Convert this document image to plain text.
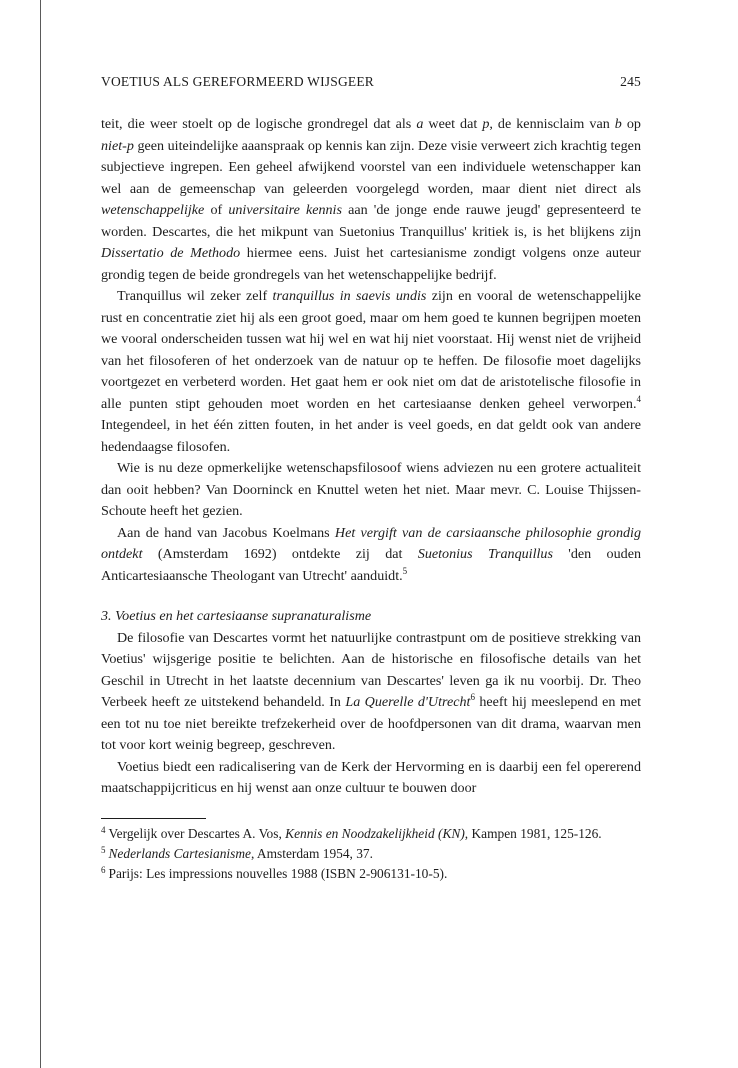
VOETIUS ALS GEREFORMEERD WIJSGEER	245

teit, die weer stoelt op de logische grondregel dat als a weet dat p, de kennisclaim van b op niet-p geen uiteindelijke aaanspraak op kennis kan zijn. Deze visie verweert zich krachtig tegen subjectieve ingrepen. Een geheel afwijkend voorstel van een individuele wetenschapper kan wel aan de gemeenschap van geleerden voorgelegd worden, maar dient niet direct als wetenschappelijke of universitaire kennis aan 'de jonge ende rauwe jeugd' gepresenteerd te worden. Descartes, die het mikpunt van Suetonius Tranquillus' kritiek is, is het blijkens zijn Dissertatio de Methodo hiermee eens. Juist het cartesianisme zondigt volgens onze auteur grondig tegen de beide grondregels van het wetenschappelijke bedrijf.

Tranquillus wil zeker zelf tranquillus in saevis undis zijn en vooral de wetenschappelijke rust en concentratie ziet hij als een groot goed, maar om hem goed te kunnen begrijpen moeten we vooral onderscheiden tussen wat hij wel en wat hij niet voorstaat. Hij wenst niet de vrijheid van het filosoferen of het onderzoek van de natuur op te heffen. De filosofie moet dagelijks voortgezet en verbeterd worden. Het gaat hem er ook niet om dat de aristotelische filosofie in alle punten stipt gehouden moet worden en het cartesiaanse denken geheel verworpen.$^4$ Integendeel, in het één zitten fouten, in het ander is veel goeds, en dat geldt ook van andere hedendaagse filosofen.

Wie is nu deze opmerkelijke wetenschapsfilosoof wiens adviezen nu een grotere actualiteit dan ooit hebben? Van Doorninck en Knuttel weten het niet. Maar mevr. C. Louise Thijssen-Schoute heeft het gezien.

Aan de hand van Jacobus Koelmans Het vergift van de carsiaansche philosophie grondig ontdekt (Amsterdam 1692) ontdekte zij dat Suetonius Tranquillus 'den ouden Anticartesiaansche Theologant van Utrecht' aanduidt.$^5$

3. Voetius en het cartesiaanse supranaturalisme

De filosofie van Descartes vormt het natuurlijke contrastpunt om de positieve strekking van Voetius' wijsgerige positie te belichten. Aan de historische en filosofische details van het Geschil in Utrecht in het laatste decennium van Descartes' leven ga ik nu voorbij. Dr. Theo Verbeek heeft ze uitstekend behandeld. In La Querelle d'Utrecht$^6$ heeft hij meeslepend en met een tot nu toe niet bereikte trefzekerheid over de hoofdpersonen van dit drama, waarvan men tot voor kort weinig begreep, geschreven.

Voetius biedt een radicalisering van de Kerk der Hervorming en is daarbij een fel opererend maatschappijcriticus en hij wenst aan onze cultuur te bouwen door

$^4$ Vergelijk over Descartes A. Vos, Kennis en Noodzakelijkheid (KN), Kampen 1981, 125-126.
$^5$ Nederlands Cartesianisme, Amsterdam 1954, 37.
$^6$ Parijs: Les impressions nouvelles 1988 (ISBN 2-906131-10-5).
